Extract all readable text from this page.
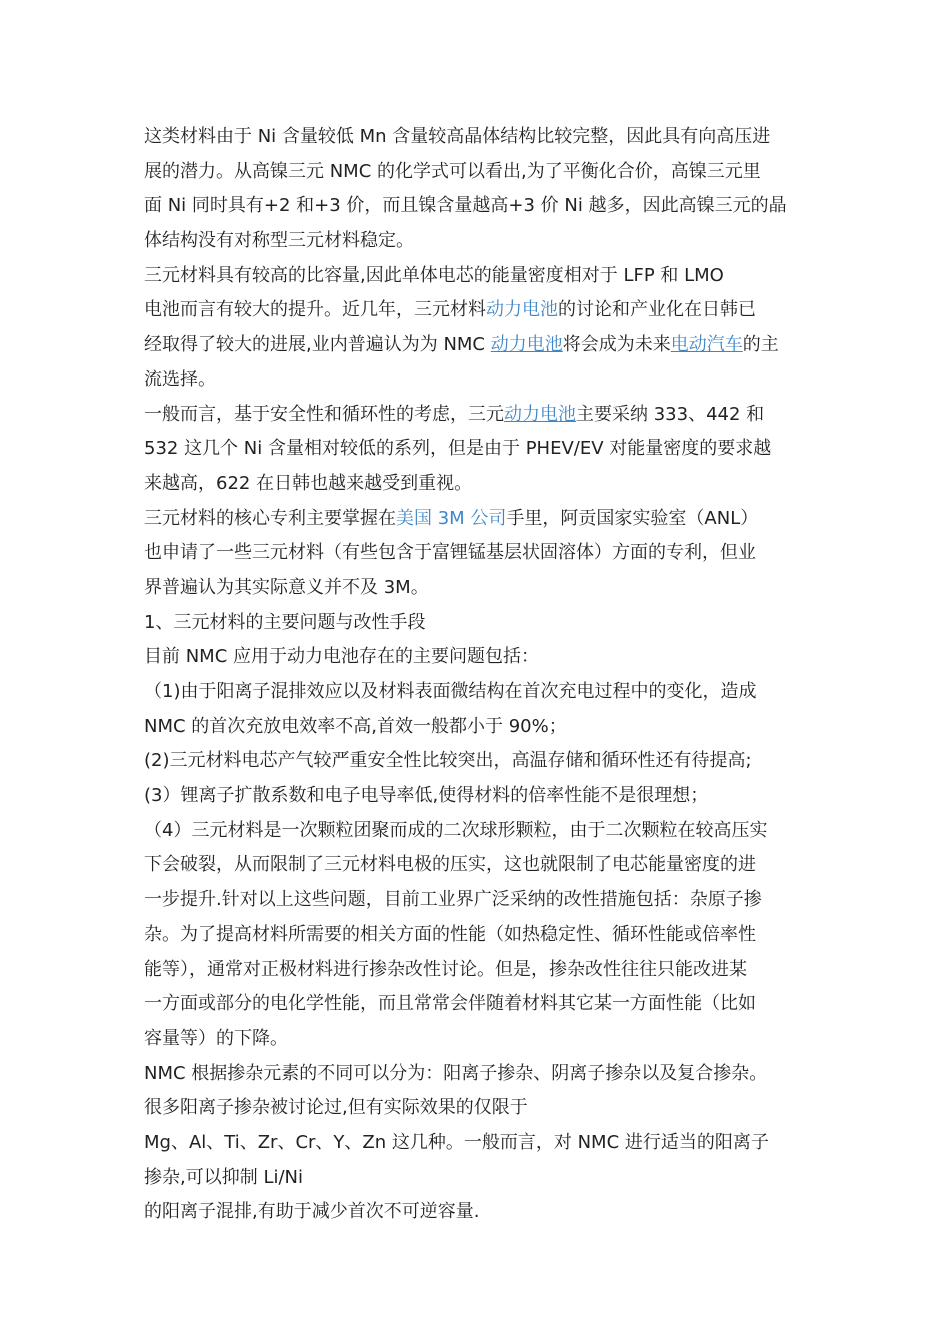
这类材料由于 Ni 含量较低 Mn 含量较高晶体结构比较完整，因此具有向高压进
展的潜力。从高镍三元 NMC 的化学式可以看出,为了平衡化合价，高镍三元里
面 Ni 同时具有+2 和+3 价，而且镍含量越高+3 价 Ni 越多，因此高镍三元的晶
体结构没有对称型三元材料稳定。
三元材料具有较高的比容量,因此单体电芯的能量密度相对于 LFP 和 LMO
电池而言有较大的提升。近几年，三元材料动力电池的讨论和产业化在日韩已
经取得了较大的进展,业内普遍认为为 NMC 动力电池将会成为未来电动汽车的主
流选择。
一般而言，基于安全性和循环性的考虑，三元动力电池主要采纳 333、442 和
532 这几个 Ni 含量相对较低的系列，但是由于 PHEV/EV 对能量密度的要求越
来越高，622 在日韩也越来越受到重视。
三元材料的核心专利主要掌握在美国 3M 公司手里，阿贡国家实验室（ANL）
也申请了一些三元材料（有些包含于富锂锰基层状固溶体）方面的专利，但业
界普遍认为其实际意义并不及 3M。
1、三元材料的主要问题与改性手段
目前 NMC 应用于动力电池存在的主要问题包括：
（1)由于阳离子混排效应以及材料表面微结构在首次充电过程中的变化，造成
NMC 的首次充放电效率不高,首效一般都小于 90%；
(2)三元材料电芯产气较严重安全性比较突出，高温存储和循环性还有待提高;
(3）锂离子扩散系数和电子电导率低,使得材料的倍率性能不是很理想；
（4）三元材料是一次颗粒团聚而成的二次球形颗粒，由于二次颗粒在较高压实
下会破裂，从而限制了三元材料电极的压实，这也就限制了电芯能量密度的进
一步提升.针对以上这些问题，目前工业界广泛采纳的改性措施包括：杂原子掺
杂。为了提高材料所需要的相关方面的性能（如热稳定性、循环性能或倍率性
能等），通常对正极材料进行掺杂改性讨论。但是，掺杂改性往往只能改进某
一方面或部分的电化学性能，而且常常会伴随着材料其它某一方面性能（比如
容量等）的下降。
NMC 根据掺杂元素的不同可以分为：阳离子掺杂、阴离子掺杂以及复合掺杂。
很多阳离子掺杂被讨论过,但有实际效果的仅限于
Mg、Al、Ti、Zr、Cr、Y、Zn 这几种。一般而言，对 NMC 进行适当的阳离子
掺杂,可以抑制 Li/Ni
的阳离子混排,有助于减少首次不可逆容量.
